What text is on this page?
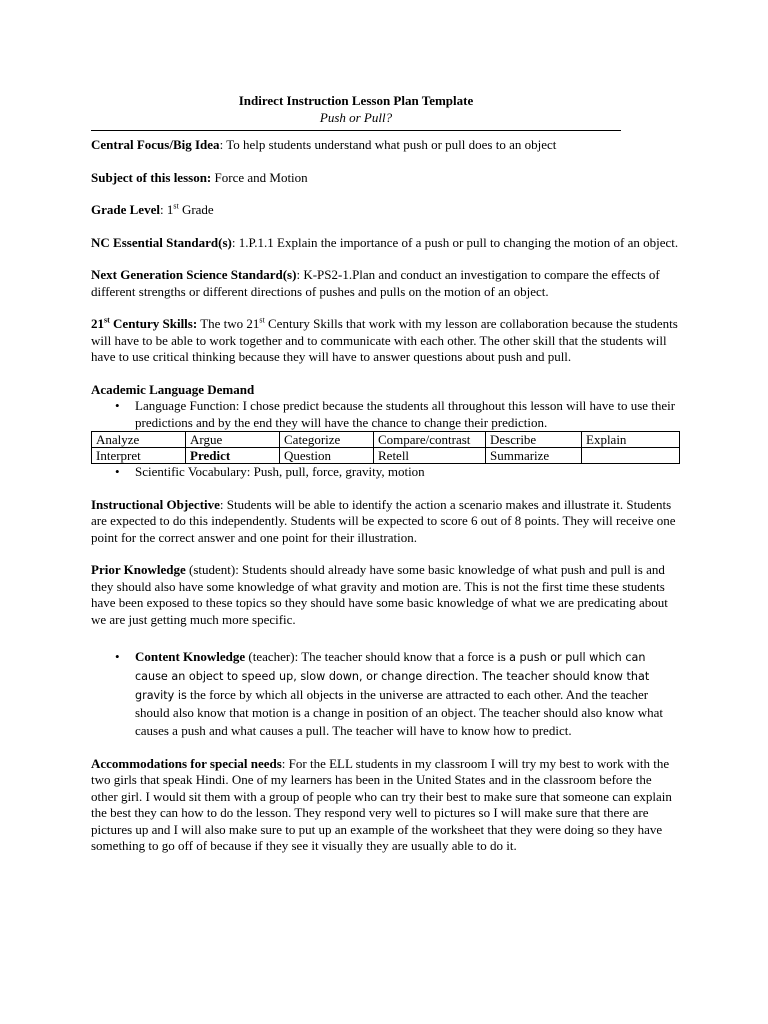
Indirect Instruction Lesson Plan Template
Push or Pull?

Central Focus/Big Idea: To help students understand what push or pull does to an object

Subject of this lesson: Force and Motion

Grade Level: 1st Grade

NC Essential Standard(s): 1.P.1.1 Explain the importance of a push or pull to changing the motion of an object.

Next Generation Science Standard(s): K-PS2-1.Plan and conduct an investigation to compare the effects of different strengths or different directions of pushes and pulls on the motion of an object.

21st Century Skills: The two 21st Century Skills that work with my lesson are collaboration because the students will have to be able to work together and to communicate with each other. The other skill that the students will have to use critical thinking because they will have to answer questions about push and pull.

Academic Language Demand
•	Language Function: I chose predict because the students all throughout this lesson will have to use their predictions and by the end they will have the chance to change their prediction.
Analyze	Argue	Categorize	Compare/contrast	Describe	Explain
Interpret	Predict	Question	Retell	Summarize	
•	Scientific Vocabulary: Push, pull, force, gravity, motion

Instructional Objective: Students will be able to identify the action a scenario makes and illustrate it. Students are expected to do this independently. Students will be expected to score 6 out of 8 points. They will receive one point for the correct answer and one point for their illustration.

Prior Knowledge (student): Students should already have some basic knowledge of what push and pull is and they should also have some knowledge of what gravity and motion are. This is not the first time these students have been exposed to these topics so they should have some basic knowledge of what we are predicating about we are just getting much more specific.

•	Content Knowledge (teacher): The teacher should know that a force is a push or pull which can cause an object to speed up, slow down, or change direction. The teacher should know that gravity is the force by which all objects in the universe are attracted to each other. And the teacher should also know that motion is a change in position of an object. The teacher should also know what causes a push and what causes a pull. The teacher will have to know how to predict.

Accommodations for special needs: For the ELL students in my classroom I will try my best to work with the two girls that speak Hindi. One of my learners has been in the United States and in the classroom before the other girl. I would sit them with a group of people who can try their best to make sure that someone can explain the best they can how to do the lesson. They respond very well to pictures so I will make sure that there are pictures up and I will also make sure to put up an example of the worksheet that they were doing so they have something to go off of because if they see it visually they are usually able to do it.
